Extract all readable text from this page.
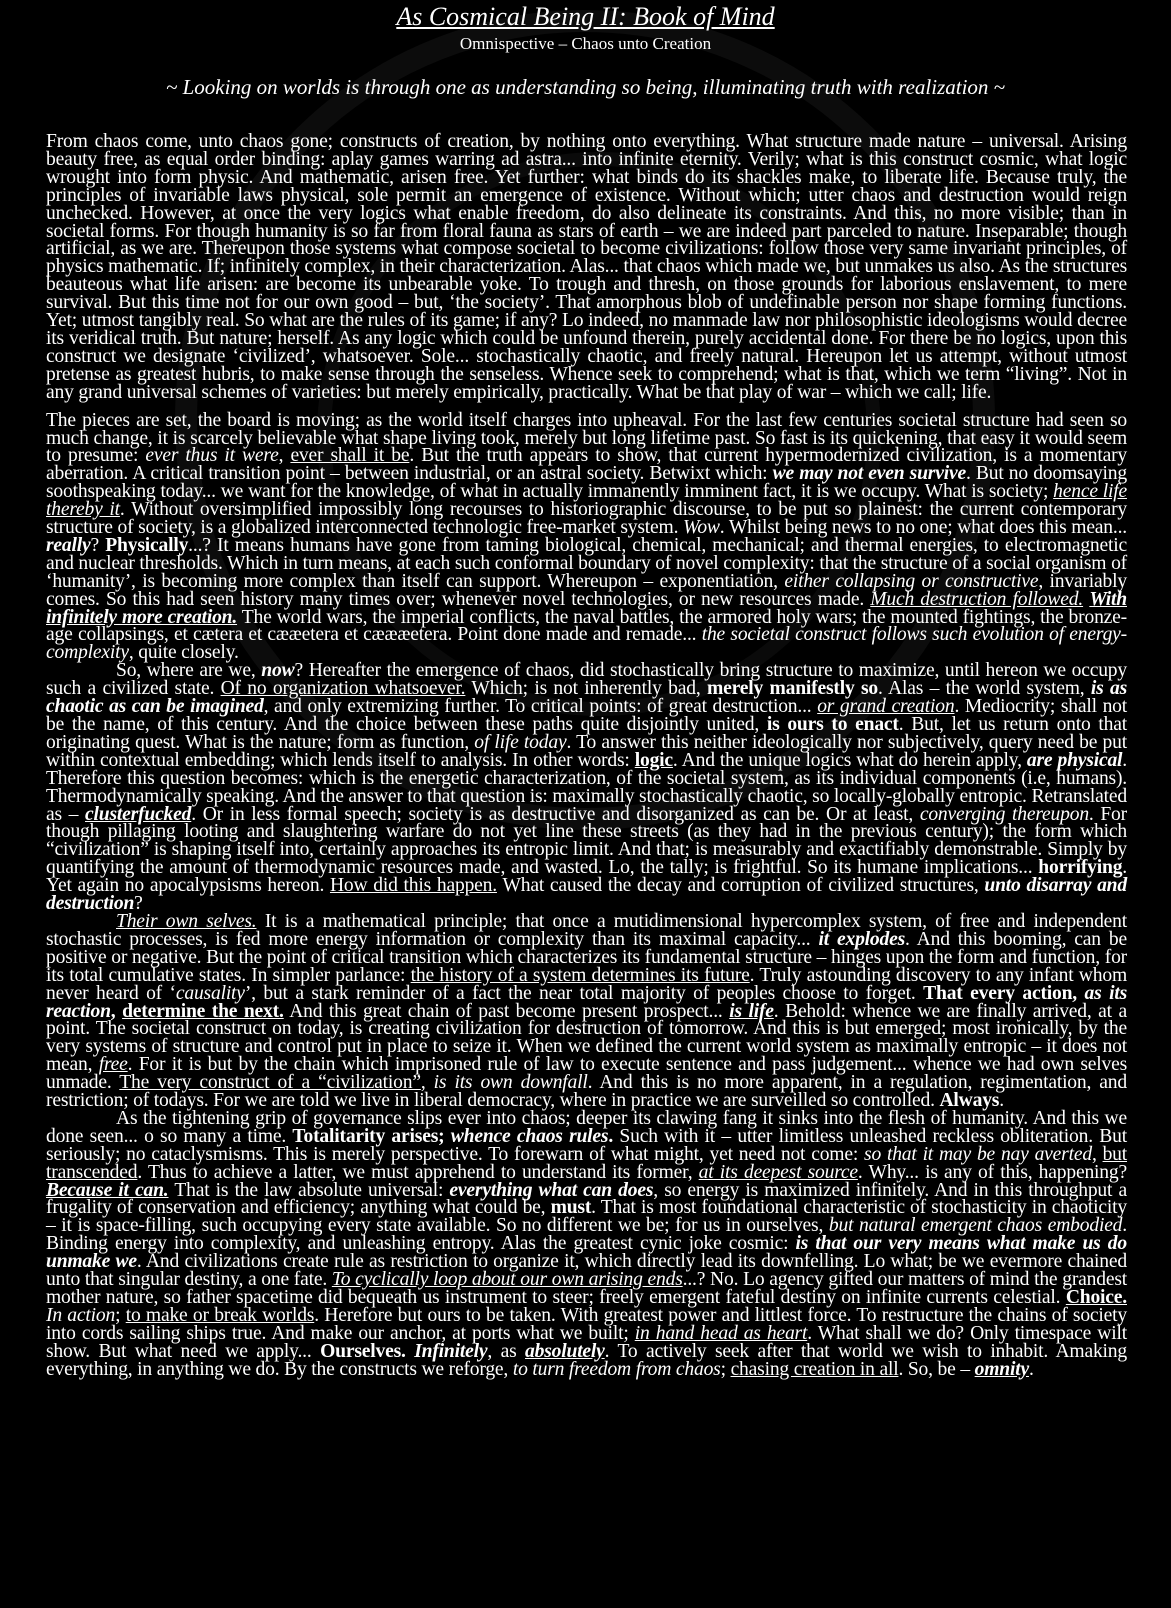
As Cosmical Being II: Book of Mind
Omnispective – Chaos unto Creation
~ Looking on worlds is through one as understanding so being, illuminating truth with realization ~

From chaos come, unto chaos gone; constructs of creation, by nothing onto everything. What structure made nature – universal. Arising beauty free, as equal order binding: aplay games warring ad astra... into infinite eternity. Verily; what is this construct cosmic, what logic wrought into form physic. And mathematic, arisen free. Yet further: what binds do its shackles make, to liberate life. Because truly, the principles of invariable laws physical, sole permit an emergence of existence. Without which; utter chaos and destruction would reign unchecked. However, at once the very logics what enable freedom, do also delineate its constraints. And this, no more visible; than in societal forms. For though humanity is so far from floral fauna as stars of earth – we are indeed part parceled to nature. Inseparable; though artificial, as we are. Thereupon those systems what compose societal to become civilizations: follow those very same invariant principles, of physics mathematic. If; infinitely complex, in their characterization. Alas... that chaos which made we, but unmakes us also. As the structures beauteous what life arisen: are become its unbearable yoke. To trough and thresh, on those grounds for laborious enslavement, to mere survival. But this time not for our own good – but, ‘the society’. That amorphous blob of undefinable person nor shape forming functions. Yet; utmost tangibly real. So what are the rules of its game; if any? Lo indeed, no manmade law nor philosophistic ideologisms would decree its veridical truth. But nature; herself. As any logic which could be unfound therein, purely accidental done. For there be no logics, upon this construct we designate ‘civilized’, whatsoever. Sole... stochastically chaotic, and freely natural. Hereupon let us attempt, without utmost pretense as greatest hubris, to make sense through the senseless. Whence seek to comprehend; what is that, which we term “living”. Not in any grand universal schemes of varieties: but merely empirically, practically. What be that play of war – which we call; life.

The pieces are set, the board is moving; as the world itself charges into upheaval. For the last few centuries societal structure had seen so much change, it is scarcely believable what shape living took, merely but long lifetime past. So fast is its quickening, that easy it would seem to presume: ever thus it were, ever shall it be. But the truth appears to show, that current hypermodernized civilization, is a momentary aberration. A critical transition point – between industrial, or an astral society. Betwixt which: we may not even survive. But no doomsaying soothspeaking today... we want for the knowledge, of what in actually immanently imminent fact, it is we occupy. What is society; hence life thereby it. Without oversimplified impossibly long recourses to historiographic discourse, to be put so plainest: the current contemporary structure of society, is a globalized interconnected technologic free-market system. Wow. Whilst being news to no one; what does this mean... really? Physically...? It means humans have gone from taming biological, chemical, mechanical; and thermal energies, to electromagnetic and nuclear thresholds. Which in turn means, at each such conformal boundary of novel complexity: that the structure of a social organism of ‘humanity’, is becoming more complex than itself can support. Whereupon – exponentiation, either collapsing or constructive, invariably comes. So this had seen history many times over; whenever novel technologies, or new resources made. Much destruction followed. With infinitely more creation. The world wars, the imperial conflicts, the naval battles, the armored holy wars; the mounted fightings, the bronze-age collapsings, et cætera et cææetera et cæææetera. Point done made and remade... the societal construct follows such evolution of energy-complexity, quite closely.

So, where are we, now? Hereafter the emergence of chaos, did stochastically bring structure to maximize, until hereon we occupy such a civilized state. Of no organization whatsoever. Which; is not inherently bad, merely manifestly so. Alas – the world system, is as chaotic as can be imagined, and only extremizing further. To critical points: of great destruction... or grand creation. Mediocrity; shall not be the name, of this century. And the choice between these paths quite disjointly united, is ours to enact. But, let us return onto that originating quest. What is the nature; form as function, of life today. To answer this neither ideologically nor subjectively, query need be put within contextual embedding; which lends itself to analysis. In other words: logic. And the unique logics what do herein apply, are physical. Therefore this question becomes: which is the energetic characterization, of the societal system, as its individual components (i.e, humans). Thermodynamically speaking. And the answer to that question is: maximally stochastically chaotic, so locally-globally entropic. Retranslated as – clusterfucked. Or in less formal speech; society is as destructive and disorganized as can be. Or at least, converging thereupon. For though pillaging looting and slaughtering warfare do not yet line these streets (as they had in the previous century); the form which “civilization” is shaping itself into, certainly approaches its entropic limit. And that; is measurably and exactifiably demonstrable. Simply by quantifying the amount of thermodynamic resources made, and wasted. Lo, the tally; is frightful. So its humane implications... horrifying. Yet again no apocalypsisms hereon. How did this happen. What caused the decay and corruption of civilized structures, unto disarray and destruction?

Their own selves. It is a mathematical principle; that once a mutidimensional hypercomplex system, of free and independent stochastic processes, is fed more energy information or complexity than its maximal capacity... it explodes. And this booming, can be positive or negative. But the point of critical transition which characterizes its fundamental structure – hinges upon the form and function, for its total cumulative states. In simpler parlance: the history of a system determines its future. Truly astounding discovery to any infant whom never heard of ‘causality’, but a stark reminder of a fact the near total majority of peoples choose to forget. That every action, as its reaction, determine the next. And this great chain of past become present prospect... is life. Behold: whence we are finally arrived, at a point. The societal construct on today, is creating civilization for destruction of tomorrow. And this is but emerged; most ironically, by the very systems of structure and control put in place to seize it. When we defined the current world system as maximally entropic – it does not mean, free. For it is but by the chain which imprisoned rule of law to execute sentence and pass judgement... whence we had own selves unmade. The very construct of a “civilization”, is its own downfall. And this is no more apparent, in a regulation, regimentation, and restriction; of todays. For we are told we live in liberal democracy, where in practice we are surveilled so controlled. Always.

As the tightening grip of governance slips ever into chaos; deeper its clawing fang it sinks into the flesh of humanity. And this we done seen... o so many a time. Totalitarity arises; whence chaos rules. Such with it – utter limitless unleashed reckless obliteration. But seriously; no cataclysmisms. This is merely perspective. To forewarn of what might, yet need not come: so that it may be nay averted, but transcended. Thus to achieve a latter, we must apprehend to understand its former, at its deepest source. Why... is any of this, happening? Because it can. That is the law absolute universal: everything what can does, so energy is maximized infinitely. And in this throughput a frugality of conservation and efficiency; anything what could be, must. That is most foundational characteristic of stochasticity in chaoticity – it is space-filling, such occupying every state available. So no different we be; for us in ourselves, but natural emergent chaos embodied. Binding energy into complexity, and unleashing entropy. Alas the greatest cynic joke cosmic: is that our very means what make us do unmake we. And civilizations create rule as restriction to organize it, which directly lead its downfelling. Lo what; be we evermore chained unto that singular destiny, a one fate. To cyclically loop about our own arising ends...? No. Lo agency gifted our matters of mind the grandest mother nature, so father spacetime did bequeath us instrument to steer; freely emergent fateful destiny on infinite currents celestial. Choice. In action; to make or break worlds. Herefore but ours to be taken. With greatest power and littlest force. To restructure the chains of society into cords sailing ships true. And make our anchor, at ports what we built; in hand head as heart. What shall we do? Only timespace wilt show. But what need we apply... Ourselves. Infinitely, as absolutely. To actively seek after that world we wish to inhabit. Amaking everything, in anything we do. By the constructs we reforge, to turn freedom from chaos; chasing creation in all. So, be – omnity.
